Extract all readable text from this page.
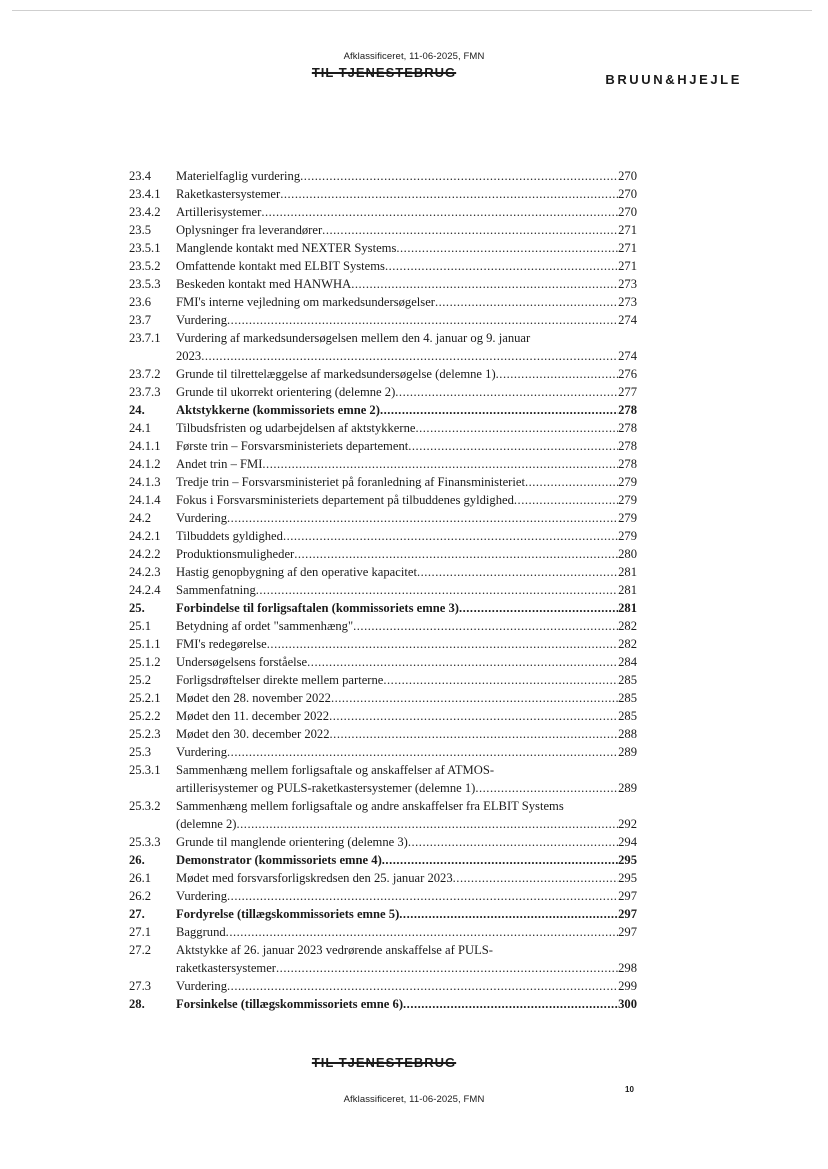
Afklassificeret, 11-06-2025, FMN
TIL TJENESTEBRUG	BRUUN&HJEJLE
23.4	Materielfaglig vurdering .....	270
23.4.1	Raketkastersystemer .....	270
23.4.2	Artillerisystemer .....	270
23.5	Oplysninger fra leverandører .....	271
23.5.1	Manglende kontakt med NEXTER Systems .....	271
23.5.2	Omfattende kontakt med ELBIT Systems .....	271
23.5.3	Beskeden kontakt med HANWHA .....	273
23.6	FMI's interne vejledning om markedsundersøgelser .....	273
23.7	Vurdering .....	274
23.7.1	Vurdering af markedsundersøgelsen mellem den 4. januar og 9. januar
2023 .....	274
23.7.2	Grunde til tilrettelæggelse af markedsundersøgelse (delemne 1) .....	276
23.7.3	Grunde til ukorrekt orientering (delemne 2) .....	277
24.	Aktstykkerne (kommissoriets emne 2) .....	278
24.1	Tilbudsfristen og udarbejdelsen af aktstykkerne .....	278
24.1.1	Første trin – Forsvarsministeriets departement .....	278
24.1.2	Andet trin – FMI .....	278
24.1.3	Tredje trin – Forsvarsministeriet på foranledning af Finansministeriet .....	279
24.1.4	Fokus i Forsvarsministeriets departement på tilbuddenes gyldighed .....	279
24.2	Vurdering .....	279
24.2.1	Tilbuddets gyldighed .....	279
24.2.2	Produktionsmuligheder .....	280
24.2.3	Hastig genopbygning af den operative kapacitet .....	281
24.2.4	Sammenfatning .....	281
25.	Forbindelse til forligsaftalen (kommissoriets emne 3) .....	281
25.1	Betydning af ordet "sammenhæng" .....	282
25.1.1	FMI's redegørelse .....	282
25.1.2	Undersøgelsens forståelse .....	284
25.2	Forligsdrøftelser direkte mellem parterne .....	285
25.2.1	Mødet den 28. november 2022 .....	285
25.2.2	Mødet den 11. december 2022 .....	285
25.2.3	Mødet den 30. december 2022 .....	288
25.3	Vurdering .....	289
25.3.1	Sammenhæng mellem forligsaftale og anskaffelser af ATMOS-
artillerisystemer og PULS-raketkastersystemer (delemne 1) .....	289
25.3.2	Sammenhæng mellem forligsaftale og andre anskaffelser fra ELBIT Systems
(delemne 2) .....	292
25.3.3	Grunde til manglende orientering (delemne 3) .....	294
26.	Demonstrator (kommissoriets emne 4) .....	295
26.1	Mødet med forsvarsforligskredsen den 25. januar 2023 .....	295
26.2	Vurdering .....	297
27.	Fordyrelse (tillægskommissoriets emne 5) .....	297
27.1	Baggrund .....	297
27.2	Aktstykke af 26. januar 2023 vedrørende anskaffelse af PULS-
raketkastersystemer .....	298
27.3	Vurdering .....	299
28.	Forsinkelse (tillægskommissoriets emne 6) .....	300
TIL TJENESTEBRUG
10
Afklassificeret, 11-06-2025, FMN
